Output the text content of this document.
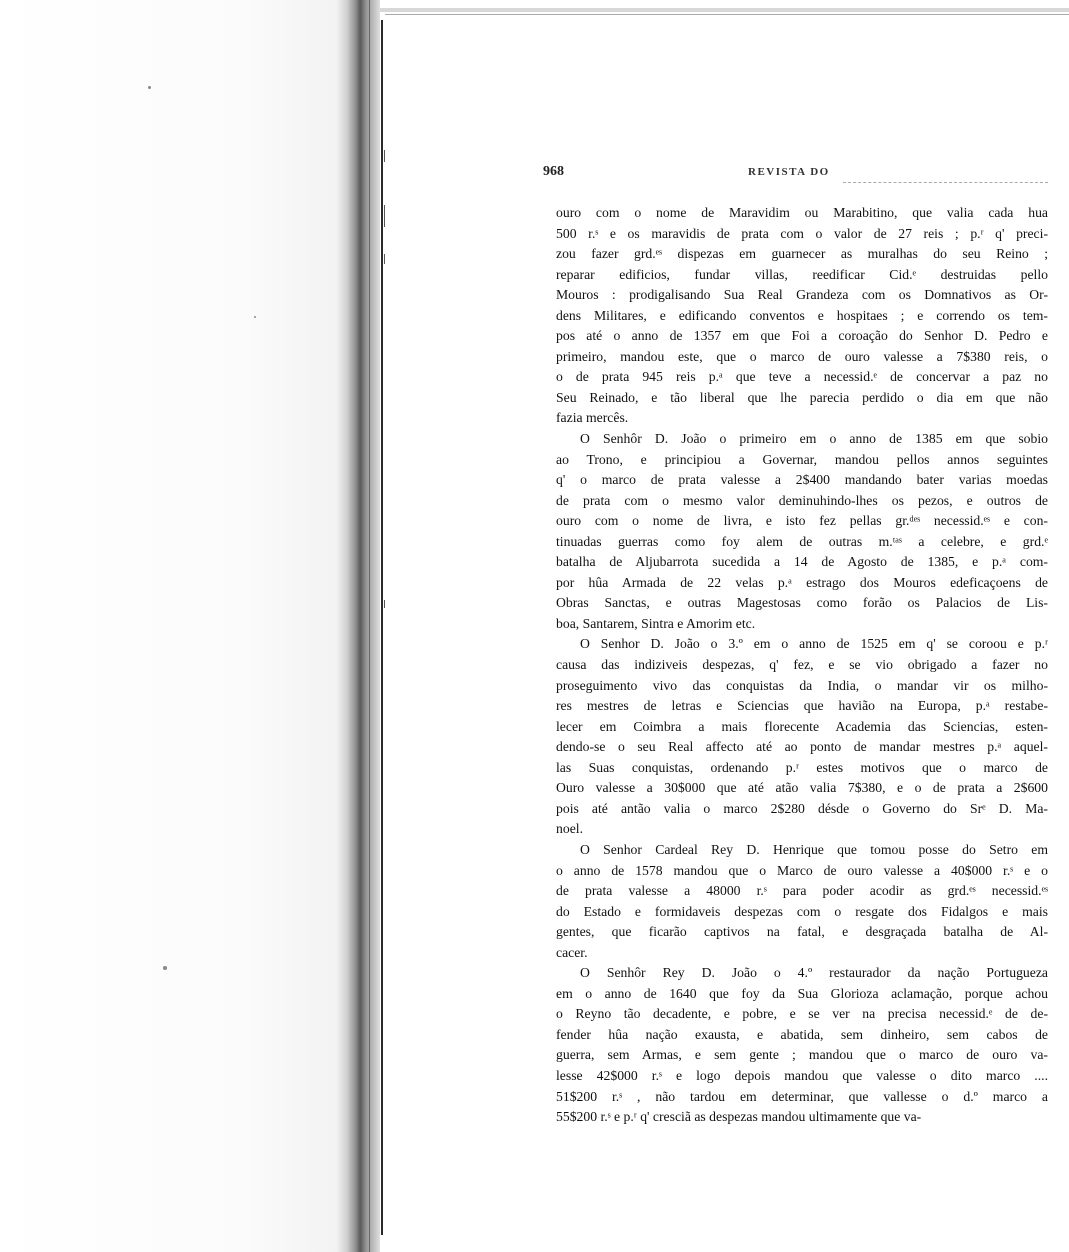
968	REVISTA DO
ouro com o nome de Maravidim ou Marabitino, que valia cada hua
500 r.ˢ e os maravidis de prata com o valor de 27 reis ; p.ʳ q' preci-
zou fazer grd.ᵉˢ dispezas em guarnecer as muralhas do seu Reino ;
reparar edificios, fundar villas, reedificar Cid.ᵉ destruidas pello
Mouros : prodigalisando Sua Real Grandeza com os Domnativos as Or-
dens Militares, e edificando conventos e hospitaes ; e correndo os tem-
pos até o anno de 1357 em que Foi a coroação do Senhor D. Pedro e
primeiro, mandou este, que o marco de ouro valesse a 7$380 reis, o
o de prata 945 reis p.ᵃ que teve a necessid.ᵉ de concervar a paz no
Seu Reinado, e tão liberal que lhe parecia perdido o dia em que não
fazia mercês.
O Senhôr D. João o primeiro em o anno de 1385 em que sobio
ao Trono, e principiou a Governar, mandou pellos annos seguintes
q' o marco de prata valesse a 2$400 mandando bater varias moedas
de prata com o mesmo valor deminuhindo-lhes os pezos, e outros de
ouro com o nome de livra, e isto fez pellas gr.ᵈᵉˢ necessid.ᵉˢ e con-
tinuadas guerras como foy alem de outras m.ᵗᵃˢ a celebre, e grd.ᵉ
batalha de Aljubarrota sucedida a 14 de Agosto de 1385, e p.ᵃ com-
por hûa Armada de 22 velas p.ᵃ estrago dos Mouros edeficaçoens de
Obras Sanctas, e outras Magestosas como forão os Palacios de Lis-
boa, Santarem, Sintra e Amorim etc.
O Senhor D. João o 3.º em o anno de 1525 em q' se coroou e p.ʳ
causa das indiziveis despezas, q' fez, e se vio obrigado a fazer no
proseguimento vivo das conquistas da India, o mandar vir os milho-
res mestres de letras e Sciencias que havião na Europa, p.ᵃ restabe-
lecer em Coimbra a mais florecente Academia das Sciencias, esten-
dendo-se o seu Real affecto até ao ponto de mandar mestres p.ᵃ aquel-
las Suas conquistas, ordenando p.ʳ estes motivos que o marco de
Ouro valesse a 30$000 que até atão valia 7$380, e o de prata a 2$600
pois até antão valia o marco 2$280 désde o Governo do Srᵉ D. Ma-
noel.
O Senhor Cardeal Rey D. Henrique que tomou posse do Setro em
o anno de 1578 mandou que o Marco de ouro valesse a 40$000 r.ˢ e o
de prata valesse a 48000 r.ˢ para poder acodir as grd.ᵉˢ necessid.ᵉˢ
do Estado e formidaveis despezas com o resgate dos Fidalgos e mais
gentes, que ficarão captivos na fatal, e desgraçada batalha de Al-
cacer.
O Senhôr Rey D. João o 4.º restaurador da nação Portugueza
em o anno de 1640 que foy da Sua Glorioza aclamação, porque achou
o Reyno tão decadente, e pobre, e se ver na precisa necessid.ᵉ de de-
fender hûa nação exausta, e abatida, sem dinheiro, sem cabos de
guerra, sem Armas, e sem gente ; mandou que o marco de ouro va-
lesse 42$000 r.ˢ e logo depois mandou que valesse o dito marco ....
51$200 r.ˢ , não tardou em determinar, que vallesse o d.º marco a
55$200 r.ˢ e p.ʳ q' cresciã as despezas mandou ultimamente que va-
